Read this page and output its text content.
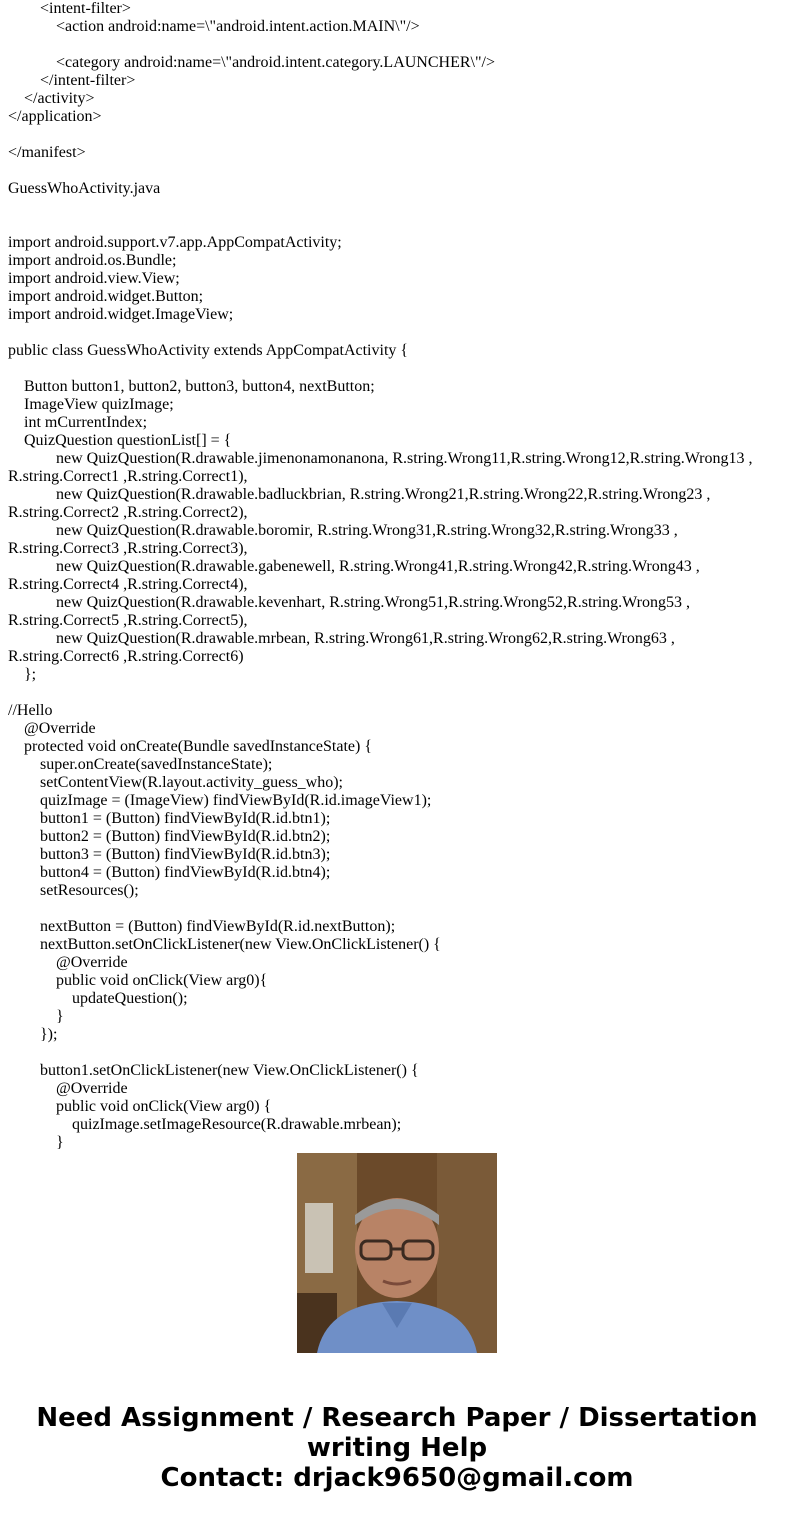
<intent-filter>
<action android:name=\"android.intent.action.MAIN\"/>
<category android:name=\"android.intent.category.LAUNCHER\"/>
</intent-filter>
</activity>
</application>
</manifest>
GuessWhoActivity.java
import android.support.v7.app.AppCompatActivity;
import android.os.Bundle;
import android.view.View;
import android.widget.Button;
import android.widget.ImageView;
public class GuessWhoActivity extends AppCompatActivity {
Button button1, button2, button3, button4, nextButton;
ImageView quizImage;
int mCurrentIndex;
QuizQuestion questionList[] = {
new QuizQuestion(R.drawable.jimenonamonanona, R.string.Wrong11,R.string.Wrong12,R.string.Wrong13 ,
R.string.Correct1 ,R.string.Correct1),
new QuizQuestion(R.drawable.badluckbrian, R.string.Wrong21,R.string.Wrong22,R.string.Wrong23 ,
R.string.Correct2 ,R.string.Correct2),
new QuizQuestion(R.drawable.boromir, R.string.Wrong31,R.string.Wrong32,R.string.Wrong33 ,
R.string.Correct3 ,R.string.Correct3),
new QuizQuestion(R.drawable.gabenewell, R.string.Wrong41,R.string.Wrong42,R.string.Wrong43 ,
R.string.Correct4 ,R.string.Correct4),
new QuizQuestion(R.drawable.kevenhart, R.string.Wrong51,R.string.Wrong52,R.string.Wrong53 ,
R.string.Correct5 ,R.string.Correct5),
new QuizQuestion(R.drawable.mrbean, R.string.Wrong61,R.string.Wrong62,R.string.Wrong63 ,
R.string.Correct6 ,R.string.Correct6)
};
//Hello
@Override
protected void onCreate(Bundle savedInstanceState) {
super.onCreate(savedInstanceState);
setContentView(R.layout.activity_guess_who);
quizImage = (ImageView) findViewById(R.id.imageView1);
button1 = (Button) findViewById(R.id.btn1);
button2 = (Button) findViewById(R.id.btn2);
button3 = (Button) findViewById(R.id.btn3);
button4 = (Button) findViewById(R.id.btn4);
setResources();
nextButton = (Button) findViewById(R.id.nextButton);
nextButton.setOnClickListener(new View.OnClickListener() {
@Override
public void onClick(View arg0){
updateQuestion();
}
});
button1.setOnClickListener(new View.OnClickListener() {
@Override
public void onClick(View arg0) {
quizImage.setImageResource(R.drawable.mrbean);
}
Need Assignment / Research Paper / Dissertation
writing Help
Contact: drjack9650@gmail.com
